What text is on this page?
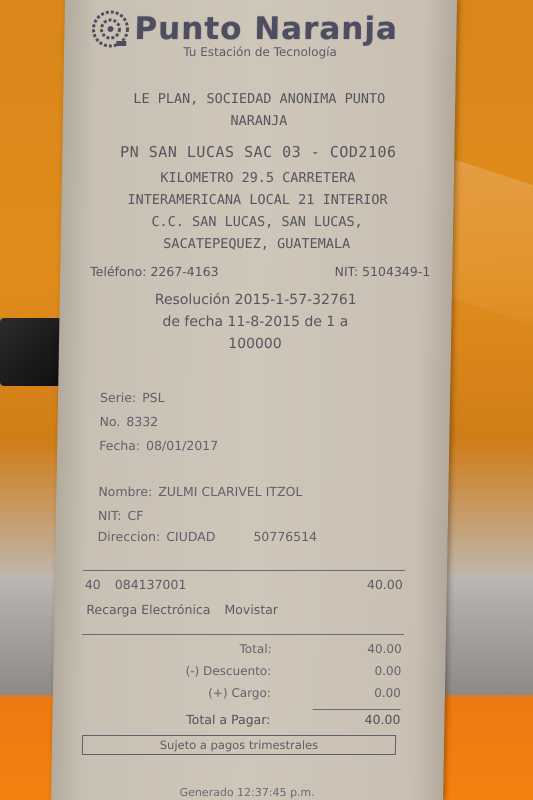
Punto Naranja
Tu Estación de Tecnología
LE PLAN, SOCIEDAD ANONIMA PUNTO
NARANJA
PN SAN LUCAS SAC 03 - COD2106
KILOMETRO 29.5 CARRETERA
INTERAMERICANA LOCAL 21 INTERIOR
C.C. SAN LUCAS, SAN LUCAS,
SACATEPEQUEZ, GUATEMALA
Teléfono: 2267-4163	NIT: 5104349-1
Resolución 2015-1-57-32761
de fecha 11-8-2015 de 1 a
100000
Serie: PSL
No. 8332
Fecha: 08/01/2017
Nombre: ZULMI CLARIVEL ITZOL
NIT: CF
Direccion: CIUDAD	50776514
40 084137001	40.00
Recarga Electrónica Movistar
Total:	40.00
(-) Descuento:	0.00
(+) Cargo:	0.00
Total a Pagar:	40.00
Sujeto a pagos trimestrales
Generado 12:37:45 p.m.
